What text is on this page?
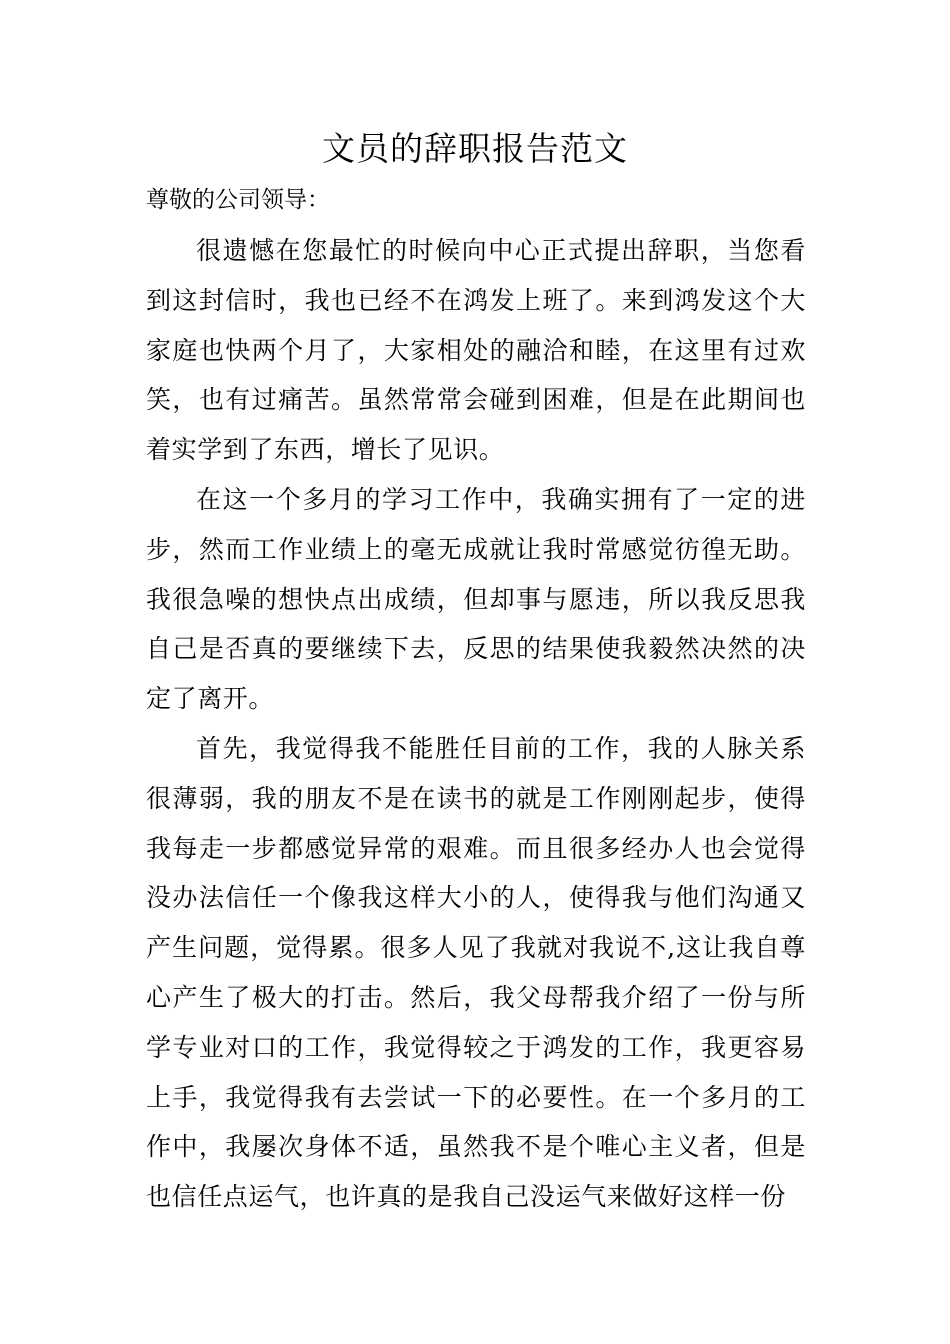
文员的辞职报告范文

尊敬的公司领导：

很遗憾在您最忙的时候向中心正式提出辞职，当您看到这封信时，我也已经不在鸿发上班了。来到鸿发这个大家庭也快两个月了，大家相处的融洽和睦，在这里有过欢笑，也有过痛苦。虽然常常会碰到困难，但是在此期间也着实学到了东西，增长了见识。

在这一个多月的学习工作中，我确实拥有了一定的进步，然而工作业绩上的毫无成就让我时常感觉彷徨无助。我很急噪的想快点出成绩，但却事与愿违，所以我反思我自己是否真的要继续下去，反思的结果使我毅然决然的决定了离开。

首先，我觉得我不能胜任目前的工作，我的人脉关系很薄弱，我的朋友不是在读书的就是工作刚刚起步，使得我每走一步都感觉异常的艰难。而且很多经办人也会觉得没办法信任一个像我这样大小的人，使得我与他们沟通又产生问题，觉得累。很多人见了我就对我说不,这让我自尊心产生了极大的打击。然后，我父母帮我介绍了一份与所学专业对口的工作，我觉得较之于鸿发的工作，我更容易上手，我觉得我有去尝试一下的必要性。在一个多月的工作中，我屡次身体不适，虽然我不是个唯心主义者，但是也信任点运气，也许真的是我自己没运气来做好这样一份
